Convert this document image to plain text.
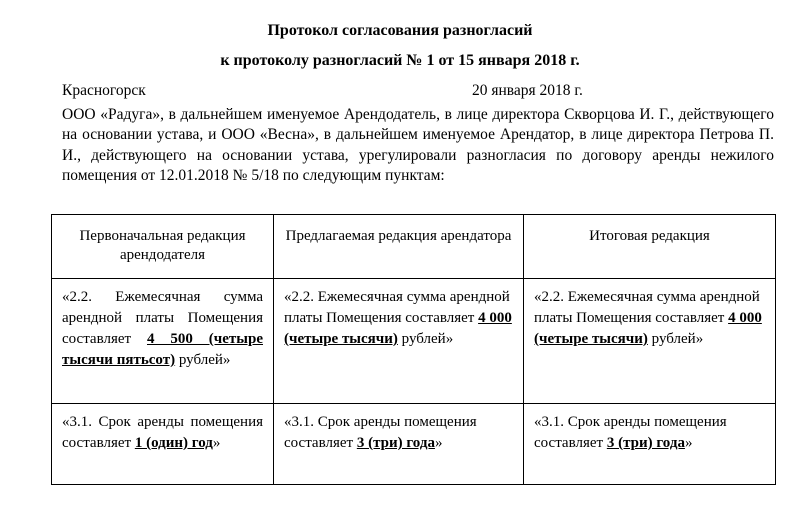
Протокол согласования разногласий
к протоколу разногласий № 1 от 15 января 2018 г.
Красногорск	20 января 2018 г.
ООО «Радуга», в дальнейшем именуемое Арендодатель, в лице директора Скворцова И. Г., действующего на основании устава, и ООО «Весна», в дальнейшем именуемое Арендатор, в лице директора Петрова П. И., действующего на основании устава, урегулировали разногласия по договору аренды нежилого помещения от 12.01.2018 № 5/18 по следующим пунктам:
Первоначальная редакция арендодателя	Предлагаемая редакция арендатора	Итоговая редакция
«2.2. Ежемесячная сумма арендной платы Помещения составляет 4 500 (четыре тысячи пятьсот) рублей»	«2.2. Ежемесячная сумма арендной платы Помещения составляет 4 000 (четыре тысячи) рублей»	«2.2. Ежемесячная сумма арендной платы Помещения составляет 4 000 (четыре тысячи) рублей»
«3.1. Срок аренды помещения составляет 1 (один) год»	«3.1. Срок аренды помещения составляет 3 (три) года»	«3.1. Срок аренды помещения составляет 3 (три) года»
